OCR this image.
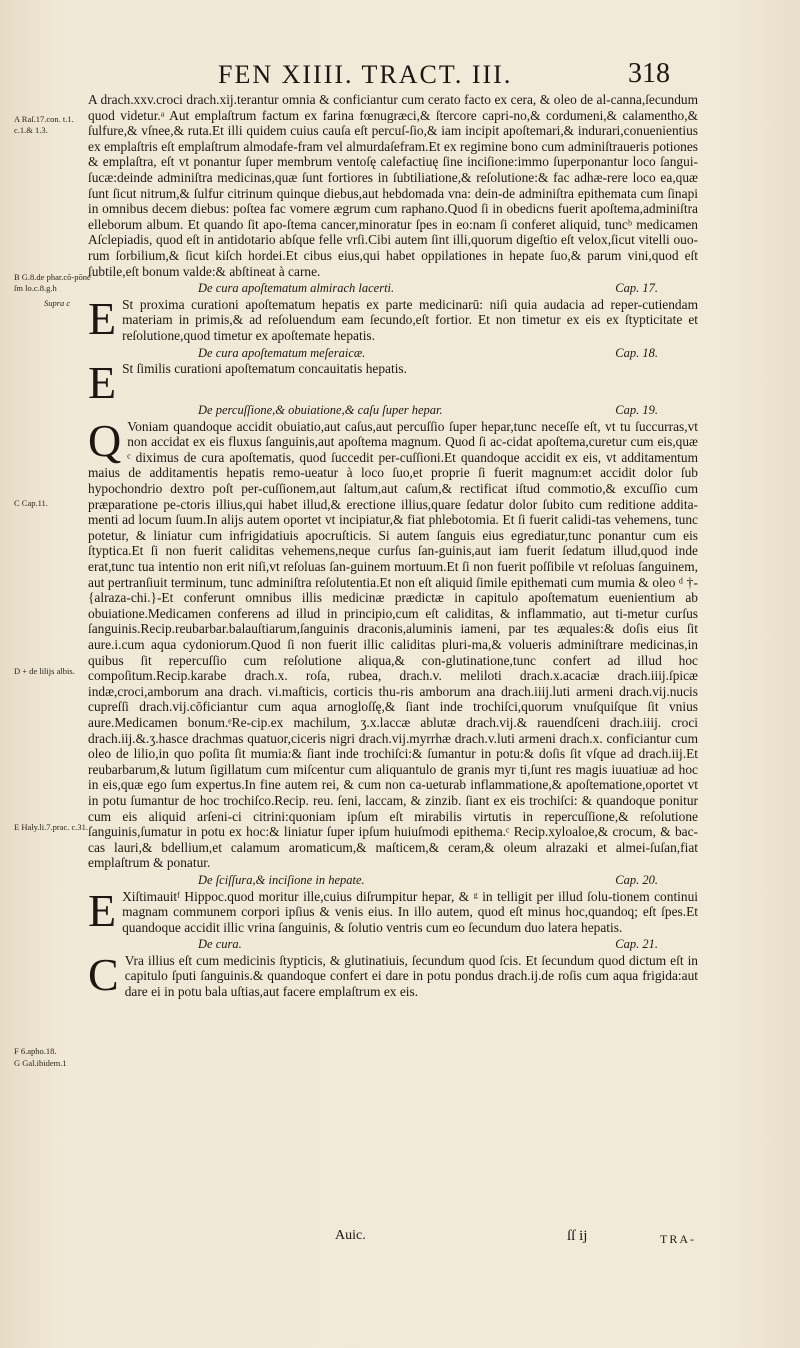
FEN XIIII. TRACT. III.	318
A Raſ.17.con. t.1. c.1.& 1.3.
B G.8.de phar.cō-pōne ſm lo.c.8.g.h
Supra c
C Cap.11.
D + de lilijs albis.
E Haly.li.7.prac. c.31.
F 6.apho.18.
G Gal.ibidem.1

A drach.xxv.croci drach.xij.terantur omnia & conficiantur cum cerato facto ex cera, & oleo de al-canna,ſecundum quod videtur.ᵃ Aut emplaſtrum factum ex farina fœnugræci,& ſtercore capri-no,& cordumeni,& calamentho,& ſulfure,& vſnee,& ruta.Et illi quidem cuius cauſa eſt percuſ-ſio,& iam incipit apoſtemari,& indurari,conuenientius ex emplaſtris eſt emplaſtrum almodafe-fram vel almurdaſefram.Et ex regimine bono cum adminiſtraueris potiones & emplaſtra, eſt vt ponantur ſuper membrum ventoſę calefactiuę ſine inciſione:immo ſuperponantur loco ſangui-ſucæ:deinde adminiſtra medicinas,quæ ſunt fortiores in ſubtiliatione,& reſolutione:& fac adhæ-rere loco ea,quæ ſunt ſicut nitrum,& ſulfur citrinum quinque diebus,aut hebdomada vna: dein-de adminiſtra epithemata cum ſinapi in omnibus decem diebus: poſtea fac vomere ægrum cum raphano.Quod ſi in obedicns fuerit apoſtema,adminiſtra elleborum album. Et quando ſit apo-ſtema cancer,minoratur ſpes in eo:nam ſi conferet aliquid, tuncᵇ medicamen Aſclepiadis, quod eſt in antidotario abſque felle vrſi.Cibi autem ſint illi,quorum digeſtio eſt velox,ſicut vitelli ouo-rum ſorbilium,& ſicut kiſch hordei.Et cibus eius,qui habet oppilationes in hepate ſuo,& parum vini,quod eſt ſubtile,eſt bonum valde:& abſtineat à carne.

De cura apoſtematum almirach lacerti.	Cap. 17.

E St proxima curationi apoſtematum hepatis ex parte medicinarū: niſi quia audacia ad reper-cutiendam materiam in primis,& ad reſoluendum eam ſecundo,eſt fortior. Et non timetur ex eis ex ſtypticitate et reſolutione,quod timetur ex apoſtemate hepatis.

De cura apoſtematum meſeraicæ.	Cap. 18.

E St ſimilis curationi apoſtematum concauitatis hepatis.

De percuſſione,& obuiatione,& caſu ſuper hepar.	Cap. 19.

Q Voniam quandoque accidit obuiatio,aut caſus,aut percuſſio ſuper hepar,tunc neceſſe eſt, vt tu ſuccurras,vt non accidat ex eis fluxus ſanguinis,aut apoſtema magnum. Quod ſi ac-cidat apoſtema,curetur cum eis,quæ ᶜ diximus de cura apoſtematis, quod ſuccedit per-cuſſioni.Et quandoque accidit ex eis, vt additamentum maius de additamentis hepatis remo-ueatur à loco ſuo,et proprie ſi fuerit magnum:et accidit dolor ſub hypochondrio dextro poſt per-cuſſionem,aut ſaltum,aut caſum,& rectificat iſtud commotio,& excuſſio cum præparatione pe-ctoris illius,qui habet illud,& erectione illius,quare ſedatur dolor ſubito cum reditione addita-menti ad locum ſuum.In alijs autem oportet vt incipiatur,& fiat phlebotomia. Et ſi fuerit calidi-tas vehemens, tunc potetur, & liniatur cum infrigidatiuis apocruſticis. Si autem ſanguis eius egrediatur,tunc ponantur cum eis ſtyptica.Et ſi non fuerit caliditas vehemens,neque curſus ſan-guinis,aut iam fuerit ſedatum illud,quod inde erat,tunc tua intentio non erit niſi,vt reſoluas ſan-guinem mortuum.Et ſi non fuerit poſſibile vt reſoluas ſanguinem, aut pertranſiuit terminum, tunc adminiſtra reſolutentia.Et non eſt aliquid ſimile epithemati cum mumia & oleo ᵈ †-{alraza-chi.}-Et conferunt omnibus illis medicinæ prædictæ in capitulo apoſtematum euenientium ab obuiatione.Medicamen conferens ad illud in principio,cum eſt caliditas, & inflammatio, aut ti-metur curſus ſanguinis.Recip.reubarbar.balauſtiarum,ſanguinis draconis,aluminis iameni, par tes æquales:& doſis eius ſit aure.i.cum aqua cydoniorum.Quod ſi non fuerit illic caliditas pluri-ma,& volueris adminiſtrare medicinas,in quibus ſit repercuſſio cum reſolutione aliqua,& con-glutinatione,tunc confert ad illud hoc compoſitum.Recip.karabe drach.x. roſa, rubea, drach.v. meliloti drach.x.acaciæ drach.iiij.ſpicæ indæ,croci,amborum ana drach. vi.maſticis, corticis thu-ris amborum ana drach.iiij.luti armeni drach.vij.nucis cupreſſi drach.vij.cōficiantur cum aqua arnogloſſę,& ſiant inde trochiſci,quorum vnuſquiſque ſit vnius aure.Medicamen bonum.ᵉRe-cip.ex machilum, ʒ.x.laccæ ablutæ drach.vij.& rauendſceni drach.iiij. croci drach.iij.&.ʒ.hasce drachmas quatuor,ciceris nigri drach.vij.myrrhæ drach.v.luti armeni drach.x. conficiantur cum oleo de lilio,in quo poſita ſit mumia:& ſiant inde trochiſci:& ſumantur in potu:& doſis ſit vſque ad drach.iij.Et reubarbarum,& lutum ſigillatum cum miſcentur cum aliquantulo de granis myr ti,ſunt res magis iuuatiuæ ad hoc in eis,quæ ego ſum expertus.In fine autem rei, & cum non ca-ueturab inflammatione,& apoſtematione,oportet vt in potu ſumantur de hoc trochiſco.Recip. reu. ſeni, laccam, & zinzib. ſiant ex eis trochiſci: & quandoque ponitur cum eis aliquid arſeni-ci citrini:quoniam ipſum eſt mirabilis virtutis in repercuſſione,& reſolutione ſanguinis,ſumatur in potu ex hoc:& liniatur ſuper ipſum huiuſmodi epithema.ᶜ Recip.xyloaloe,& crocum, & bac-cas lauri,& bdellium,et calamum aromaticum,& maſticem,& ceram,& oleum alrazaki et almei-ſuſan,fiat emplaſtrum & ponatur.

De ſciſſura,& inciſione in hepate.	Cap. 20.

E Xiſtimauitᶠ Hippoc.quod moritur ille,cuius diſrumpitur hepar, & ᵍ in telligit per illud ſolu-tionem continui magnam communem corpori ipſius & venis eius. In illo autem, quod eſt minus hoc,quandoq; eſt ſpes.Et quandoque accidit illic vrina ſanguinis, & ſolutio ventris cum eo ſecundum duo latera hepatis.

De cura.	Cap. 21.

C Vra illius eſt cum medicinis ſtypticis, & glutinatiuis, ſecundum quod ſcis. Et ſecundum quod dictum eſt in capitulo ſputi ſanguinis.& quandoque confert ei dare in potu pondus drach.ij.de roſis cum aqua frigida:aut dare ei in potu bala uſtias,aut facere emplaſtrum ex eis.

Auic.	ſſ ij	TRA-
